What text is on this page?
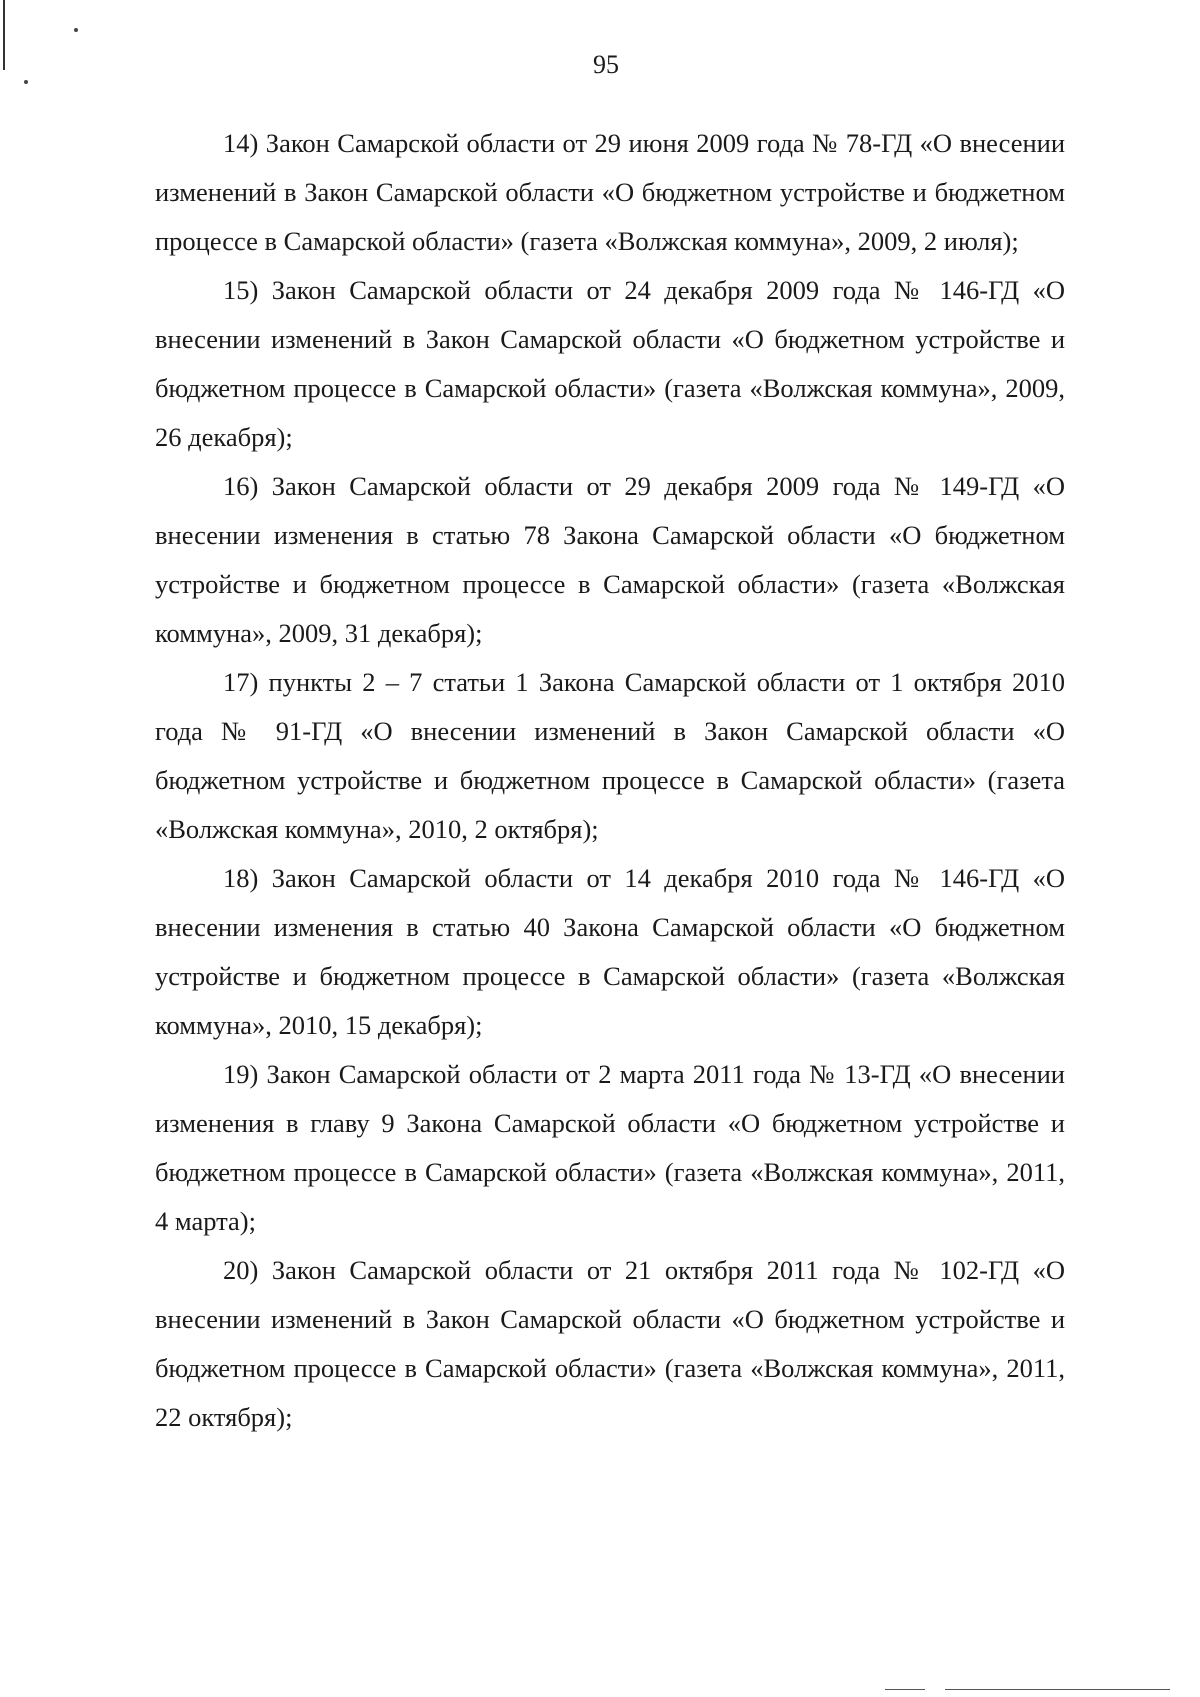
95

14) Закон Самарской области от 29 июня 2009 года № 78-ГД «О внесении изменений в Закон Самарской области «О бюджетном устройстве и бюджетном процессе в Самарской области» (газета «Волжская коммуна», 2009, 2 июля);

15) Закон Самарской области от 24 декабря 2009 года № 146-ГД «О внесении изменений в Закон Самарской области «О бюджетном устройстве и бюджетном процессе в Самарской области» (газета «Волжская коммуна», 2009, 26 декабря);

16) Закон Самарской области от 29 декабря 2009 года № 149-ГД «О внесении изменения в статью 78 Закона Самарской области «О бюджетном устройстве и бюджетном процессе в Самарской области» (газета «Волжская коммуна», 2009, 31 декабря);

17) пункты 2 – 7 статьи 1 Закона Самарской области от 1 октября 2010 года № 91-ГД «О внесении изменений в Закон Самарской области «О бюджетном устройстве и бюджетном процессе в Самарской области» (газета «Волжская коммуна», 2010, 2 октября);

18) Закон Самарской области от 14 декабря 2010 года № 146-ГД «О внесении изменения в статью 40 Закона Самарской области «О бюджетном устройстве и бюджетном процессе в Самарской области» (газета «Волжская коммуна», 2010, 15 декабря);

19) Закон Самарской области от 2 марта 2011 года № 13-ГД «О внесении изменения в главу 9 Закона Самарской области «О бюджетном устройстве и бюджетном процессе в Самарской области» (газета «Волжская коммуна», 2011, 4 марта);

20) Закон Самарской области от 21 октября 2011 года № 102-ГД «О внесении изменений в Закон Самарской области «О бюджетном устройстве и бюджетном процессе в Самарской области» (газета «Волжская коммуна», 2011, 22 октября);
